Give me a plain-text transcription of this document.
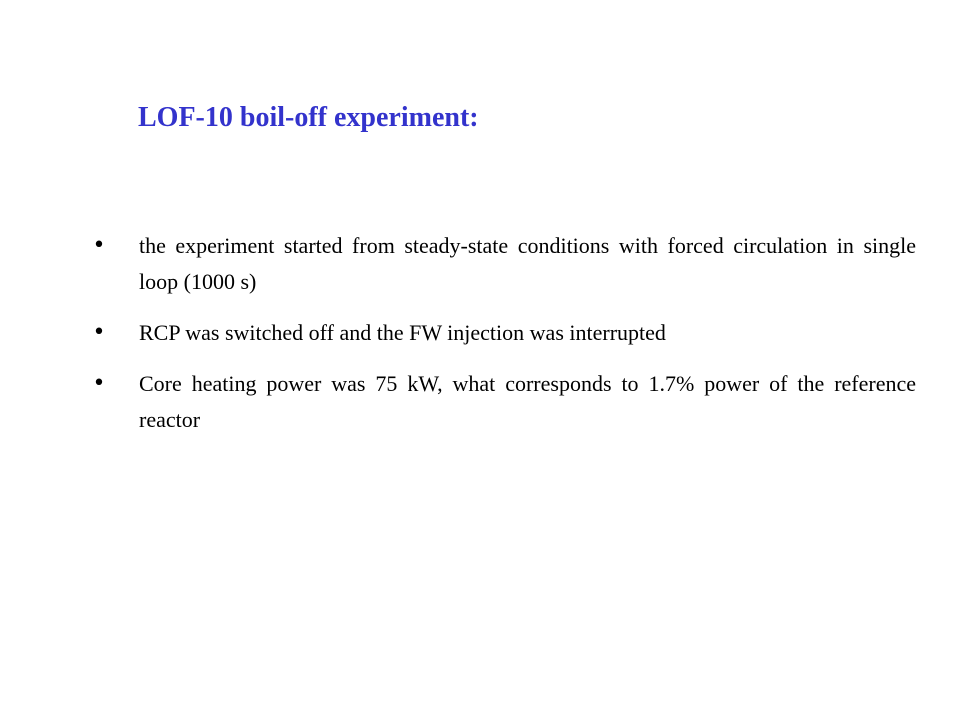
LOF-10 boil-off experiment:
• the experiment started from steady-state conditions with forced circulation in single loop (1000 s)
• RCP was switched off and the FW injection was interrupted
• Core heating power was 75 kW, what corresponds to 1.7% power of the reference reactor
